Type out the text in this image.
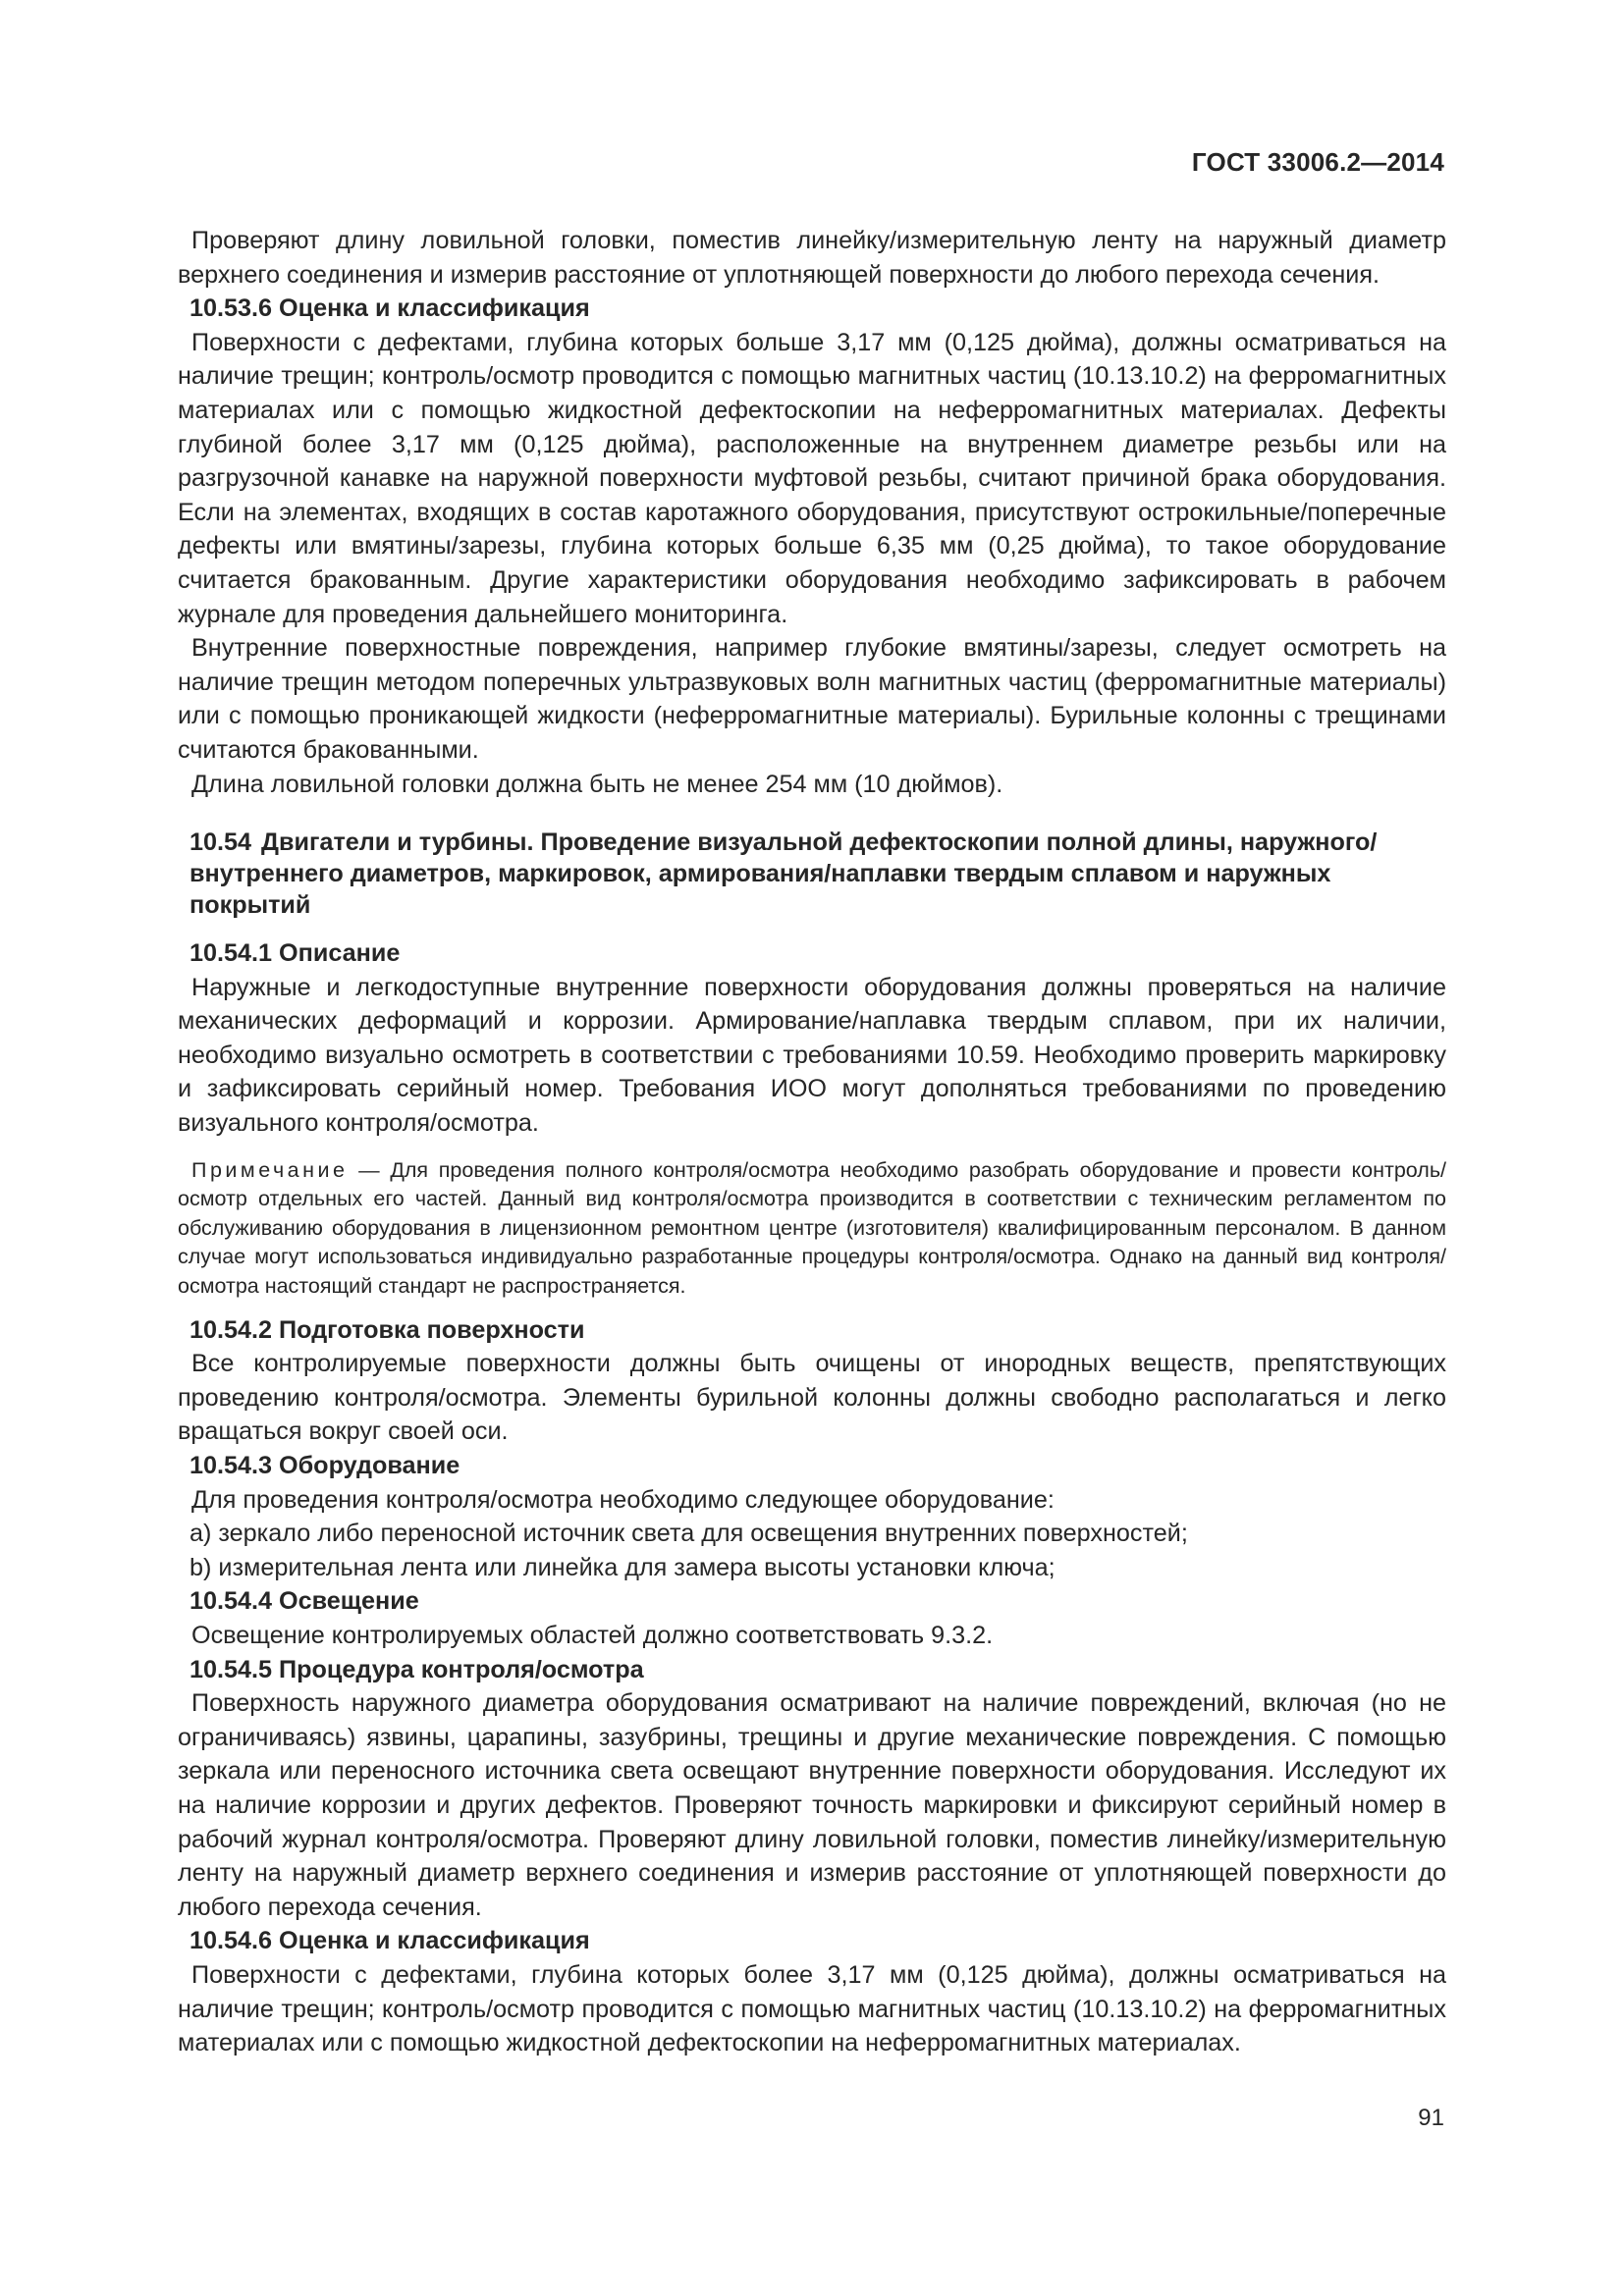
ГОСТ 33006.2—2014

Проверяют длину ловильной головки, поместив линейку/измерительную ленту на наружный диаметр верхнего соединения и измерив расстояние от уплотняющей поверхности до любого перехода сечения.

10.53.6 Оценка и классификация

Поверхности с дефектами, глубина которых больше 3,17 мм (0,125 дюйма), должны осматриваться на наличие трещин; контроль/осмотр проводится с помощью магнитных частиц (10.13.10.2) на ферромагнитных материалах или с помощью жидкостной дефектоскопии на неферромагнитных материалах. Дефекты глубиной более 3,17 мм (0,125 дюйма), расположенные на внутреннем диаметре резьбы или на разгрузочной канавке на наружной поверхности муфтовой резьбы, считают причиной брака оборудования. Если на элементах, входящих в состав каротажного оборудования, присутствуют острокильные/поперечные дефекты или вмятины/зарезы, глубина которых больше 6,35 мм (0,25 дюйма), то такое оборудование считается бракованным. Другие характеристики оборудования необходимо зафиксировать в рабочем журнале для проведения дальнейшего мониторинга.

Внутренние поверхностные повреждения, например глубокие вмятины/зарезы, следует осмотреть на наличие трещин методом поперечных ультразвуковых волн магнитных частиц (ферромагнитные материалы) или с помощью проникающей жидкости (неферромагнитные материалы). Бурильные колонны с трещинами считаются бракованными.

Длина ловильной головки должна быть не менее 254 мм (10 дюймов).

10.54 Двигатели и турбины. Проведение визуальной дефектоскопии полной длины, наружного/внутреннего диаметров, маркировок, армирования/наплавки твердым сплавом и наружных покрытий

10.54.1 Описание

Наружные и легкодоступные внутренние поверхности оборудования должны проверяться на наличие механических деформаций и коррозии. Армирование/наплавка твердым сплавом, при их наличии, необходимо визуально осмотреть в соответствии с требованиями 10.59. Необходимо проверить маркировку и зафиксировать серийный номер. Требования ИОО могут дополняться требованиями по проведению визуального контроля/осмотра.

Примечание — Для проведения полного контроля/осмотра необходимо разобрать оборудование и провести контроль/осмотр отдельных его частей. Данный вид контроля/осмотра производится в соответствии с техническим регламентом по обслуживанию оборудования в лицензионном ремонтном центре (изготовителя) квалифицированным персоналом. В данном случае могут использоваться индивидуально разработанные процедуры контроля/осмотра. Однако на данный вид контроля/осмотра настоящий стандарт не распространяется.

10.54.2 Подготовка поверхности

Все контролируемые поверхности должны быть очищены от инородных веществ, препятствующих проведению контроля/осмотра. Элементы бурильной колонны должны свободно располагаться и легко вращаться вокруг своей оси.

10.54.3 Оборудование

Для проведения контроля/осмотра необходимо следующее оборудование:

а) зеркало либо переносной источник света для освещения внутренних поверхностей;

b) измерительная лента или линейка для замера высоты установки ключа;

10.54.4 Освещение

Освещение контролируемых областей должно соответствовать 9.3.2.

10.54.5 Процедура контроля/осмотра

Поверхность наружного диаметра оборудования осматривают на наличие повреждений, включая (но не ограничиваясь) язвины, царапины, зазубрины, трещины и другие механические повреждения. С помощью зеркала или переносного источника света освещают внутренние поверхности оборудования. Исследуют их на наличие коррозии и других дефектов. Проверяют точность маркировки и фиксируют серийный номер в рабочий журнал контроля/осмотра. Проверяют длину ловильной головки, поместив линейку/измерительную ленту на наружный диаметр верхнего соединения и измерив расстояние от уплотняющей поверхности до любого перехода сечения.

10.54.6 Оценка и классификация

Поверхности с дефектами, глубина которых более 3,17 мм (0,125 дюйма), должны осматриваться на наличие трещин; контроль/осмотр проводится с помощью магнитных частиц (10.13.10.2) на ферромагнитных материалах или с помощью жидкостной дефектоскопии на неферромагнитных материалах.

91
